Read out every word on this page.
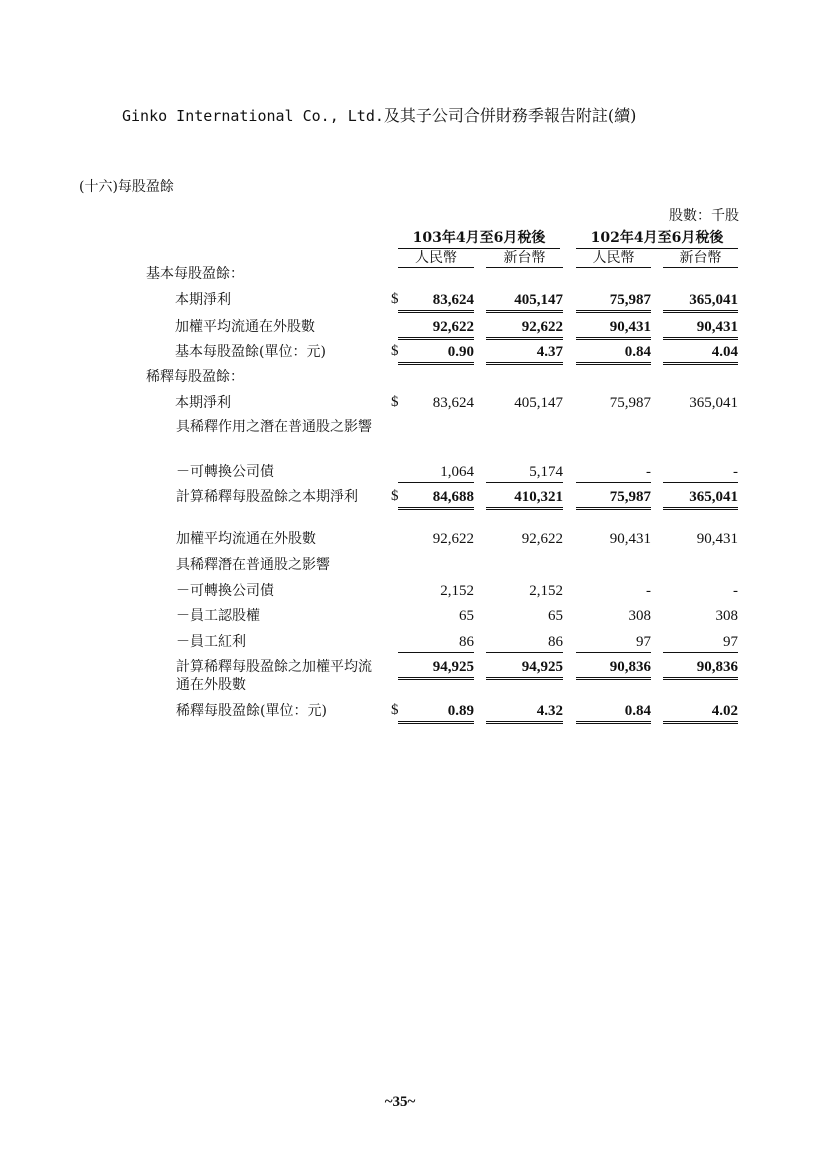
Ginko International Co., Ltd.及其子公司合併財務季報告附註(續)
(十六)每股盈餘
股數：千股
103年4月至6月稅後	102年4月至6月稅後
人民幣	新台幣	人民幣	新台幣
基本每股盈餘：
本期淨利	$	83,624	405,147	75,987	365,041
加權平均流通在外股數	92,622	92,622	90,431	90,431
基本每股盈餘(單位：元)	$	0.90	4.37	0.84	4.04
稀釋每股盈餘：
本期淨利	$	83,624	405,147	75,987	365,041
具稀釋作用之潛在普通股之影響
－可轉換公司債	1,064	5,174	-	-
計算稀釋每股盈餘之本期淨利	$	84,688	410,321	75,987	365,041
加權平均流通在外股數	92,622	92,622	90,431	90,431
具稀釋潛在普通股之影響
－可轉換公司債	2,152	2,152	-	-
－員工認股權	65	65	308	308
－員工紅利	86	86	97	97
計算稀釋每股盈餘之加權平均流通在外股數
94,925	94,925	90,836	90,836
稀釋每股盈餘(單位：元)	$	0.89	4.32	0.84	4.02
~35~
